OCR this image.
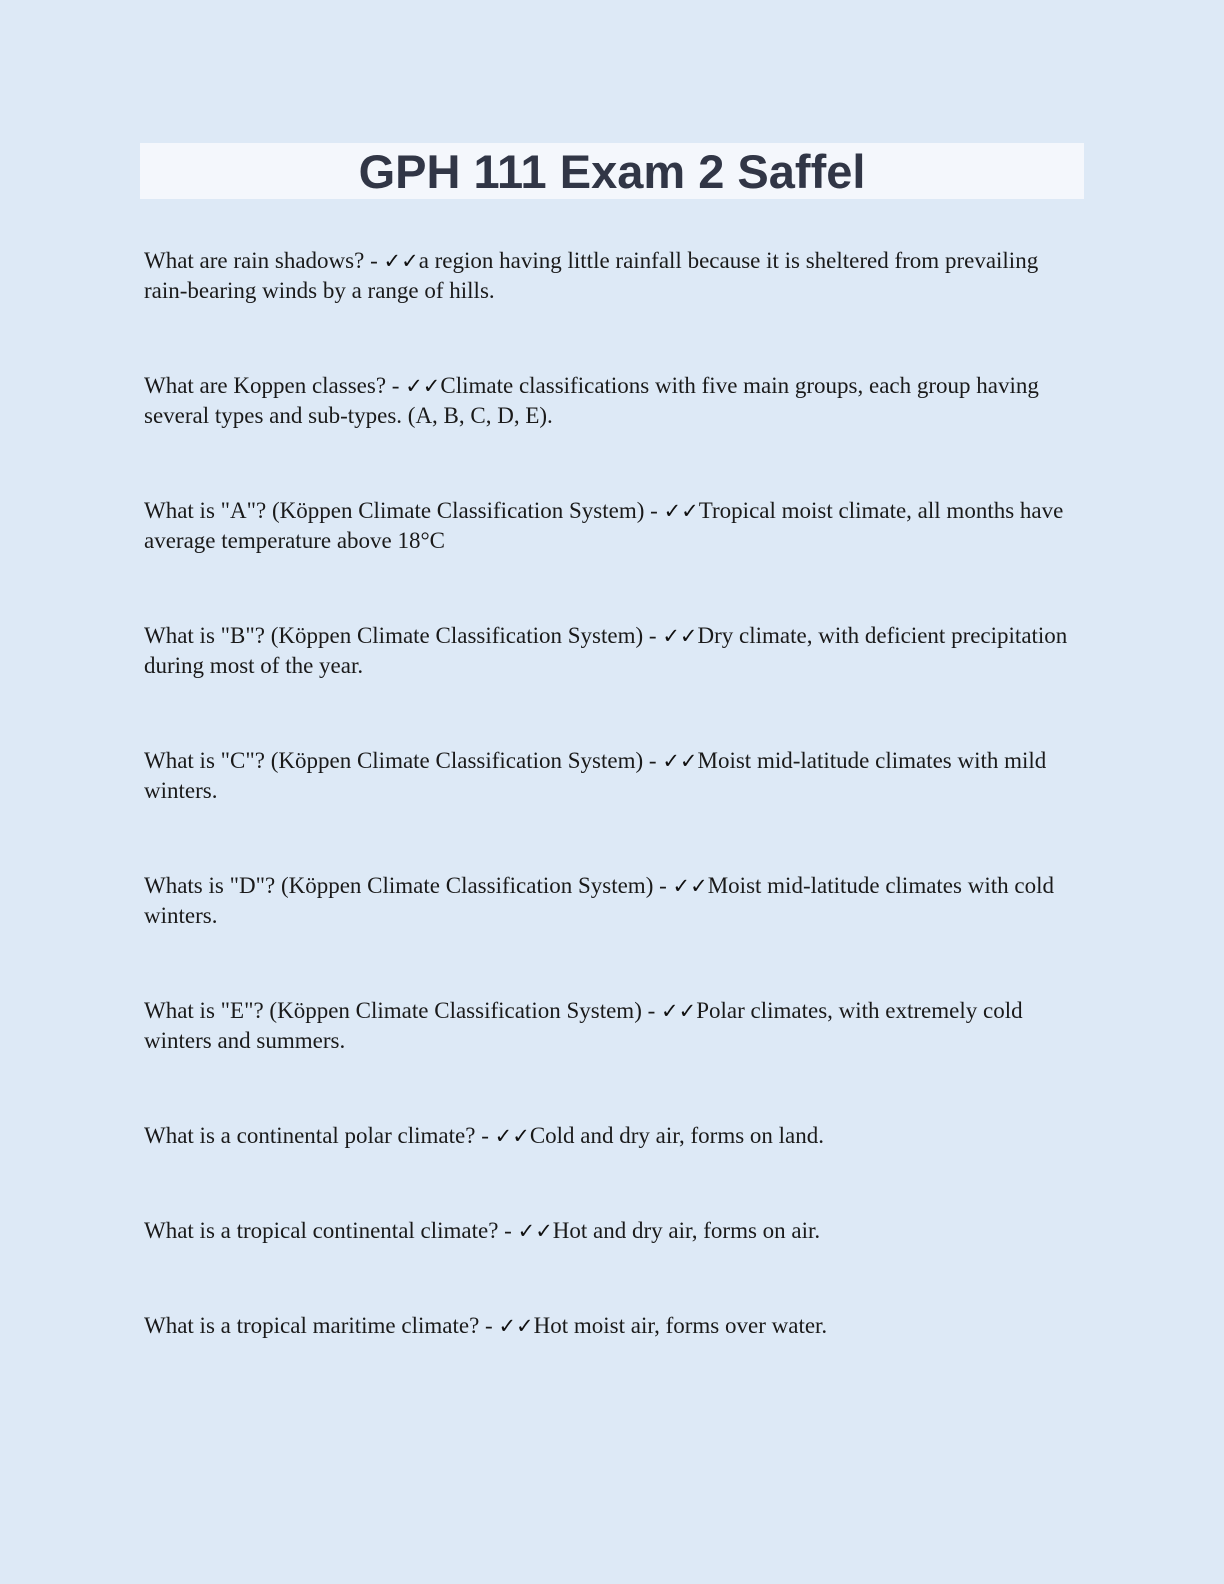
GPH 111 Exam 2 Saffel

What are rain shadows? - ✓✓a region having little rainfall because it is sheltered from prevailing rain-bearing winds by a range of hills.

What are Koppen classes? - ✓✓Climate classifications with five main groups, each group having several types and sub-types. (A, B, C, D, E).

What is "A"? (Köppen Climate Classification System) - ✓✓Tropical moist climate, all months have average temperature above 18°C

What is "B"? (Köppen Climate Classification System) - ✓✓Dry climate, with deficient precipitation during most of the year.

What is "C"? (Köppen Climate Classification System) - ✓✓Moist mid-latitude climates with mild winters.

Whats is "D"? (Köppen Climate Classification System) - ✓✓Moist mid-latitude climates with cold winters.

What is "E"? (Köppen Climate Classification System) - ✓✓Polar climates, with extremely cold winters and summers.

What is a continental polar climate? - ✓✓Cold and dry air, forms on land.

What is a tropical continental climate? - ✓✓Hot and dry air, forms on air.

What is a tropical maritime climate? - ✓✓Hot moist air, forms over water.
